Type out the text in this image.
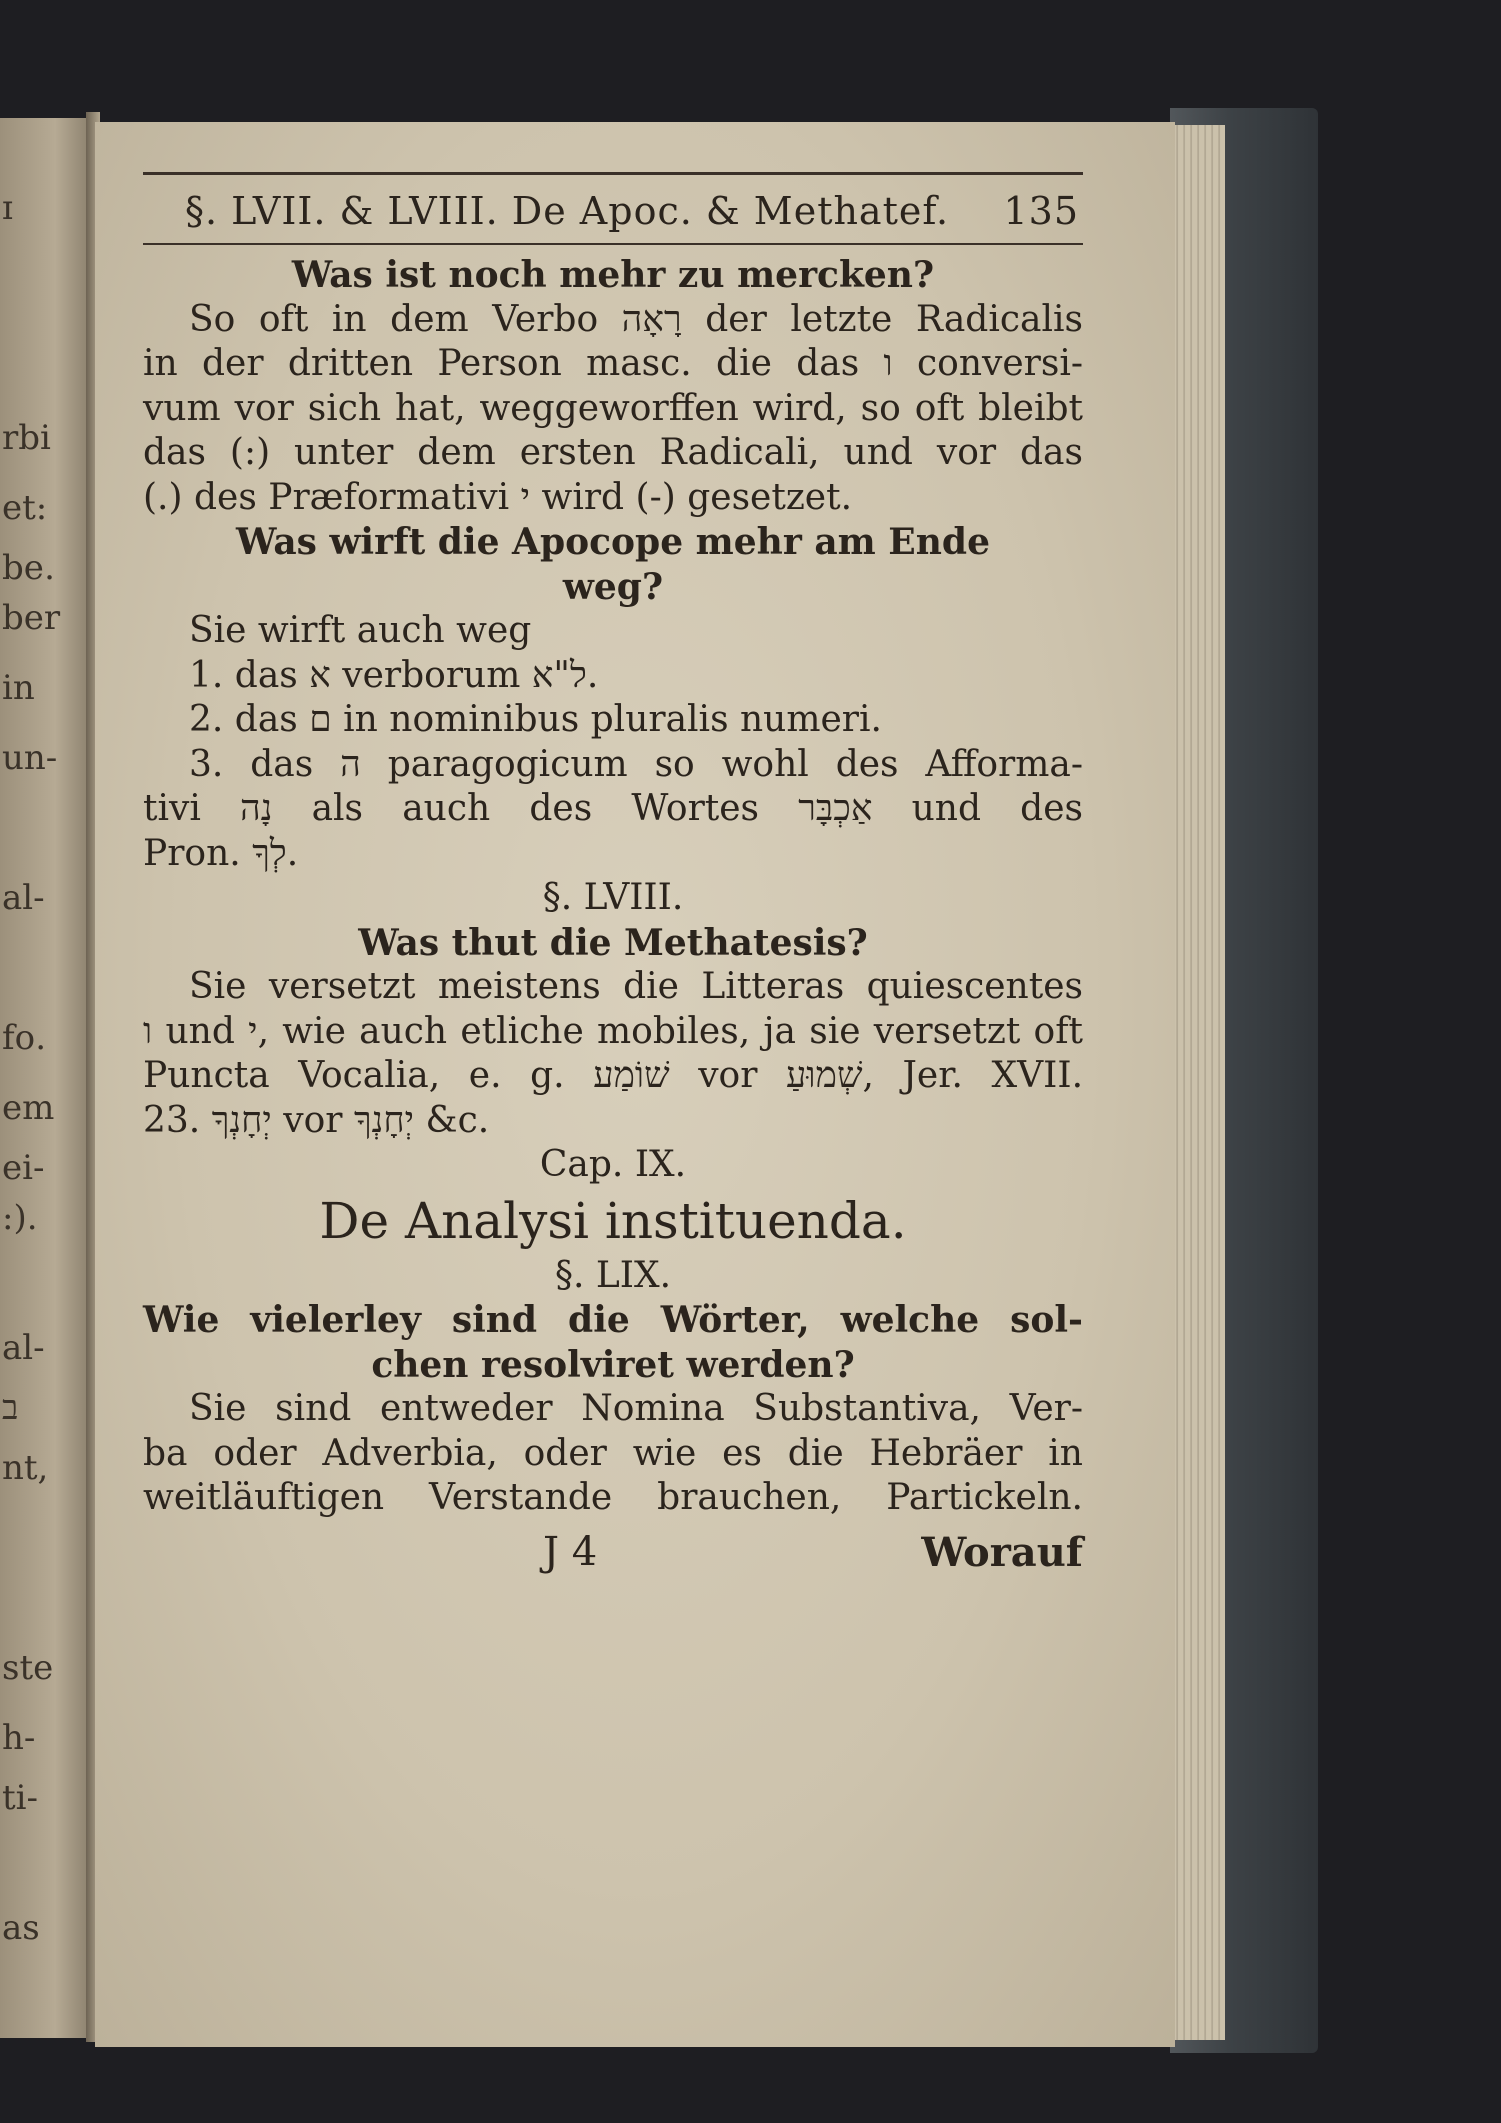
ɪ
rbi
et:
be․
ber
in
un-
al-
fo․
em
ei-
:).
al-
ב
nt,
ste
h-
ti-
as
§. LVII. & LVIII. De Apoc. & Methatef. 135
Was ist noch mehr zu mercken?
So oft in dem Verbo רָאָה der letzte Radicalis
in der dritten Person masc. die das ו conversi-
vum vor sich hat, weggeworffen wird, so oft bleibt
das (:) unter dem ersten Radicali, und vor das
(.) des Præformativi י wird (-) gesetzet.
Was wirft die Apocope mehr am Ende
weg?
Sie wirft auch weg
1. das א verborum ל"א.
2. das ם in nominibus pluralis numeri.
3. das ה paragogicum so wohl des Afforma-
tivi נָה als auch des Wortes אַכְבָּר und des
Pron. לְךָ.
§. LVIII.
Was thut die Methatesis?
Sie versetzt meistens die Litteras quiescentes
ו und י, wie auch etliche mobiles, ja sie versetzt oft
Puncta Vocalia, e. g. שׁוֹמַע vor שְׁמוּעַ, Jer. XVII.
23. יְחָנְךָ vor יְחָנְךָ &c.
Cap. IX.
De Analysi instituenda.
§. LIX.
Wie vielerley sind die Wörter, welche sol-
chen resolviret werden?
Sie sind entweder Nomina Substantiva, Ver-
ba oder Adverbia, oder wie es die Hebräer in
weitläuftigen Verstande brauchen, Partickeln.
J 4	Worauf
